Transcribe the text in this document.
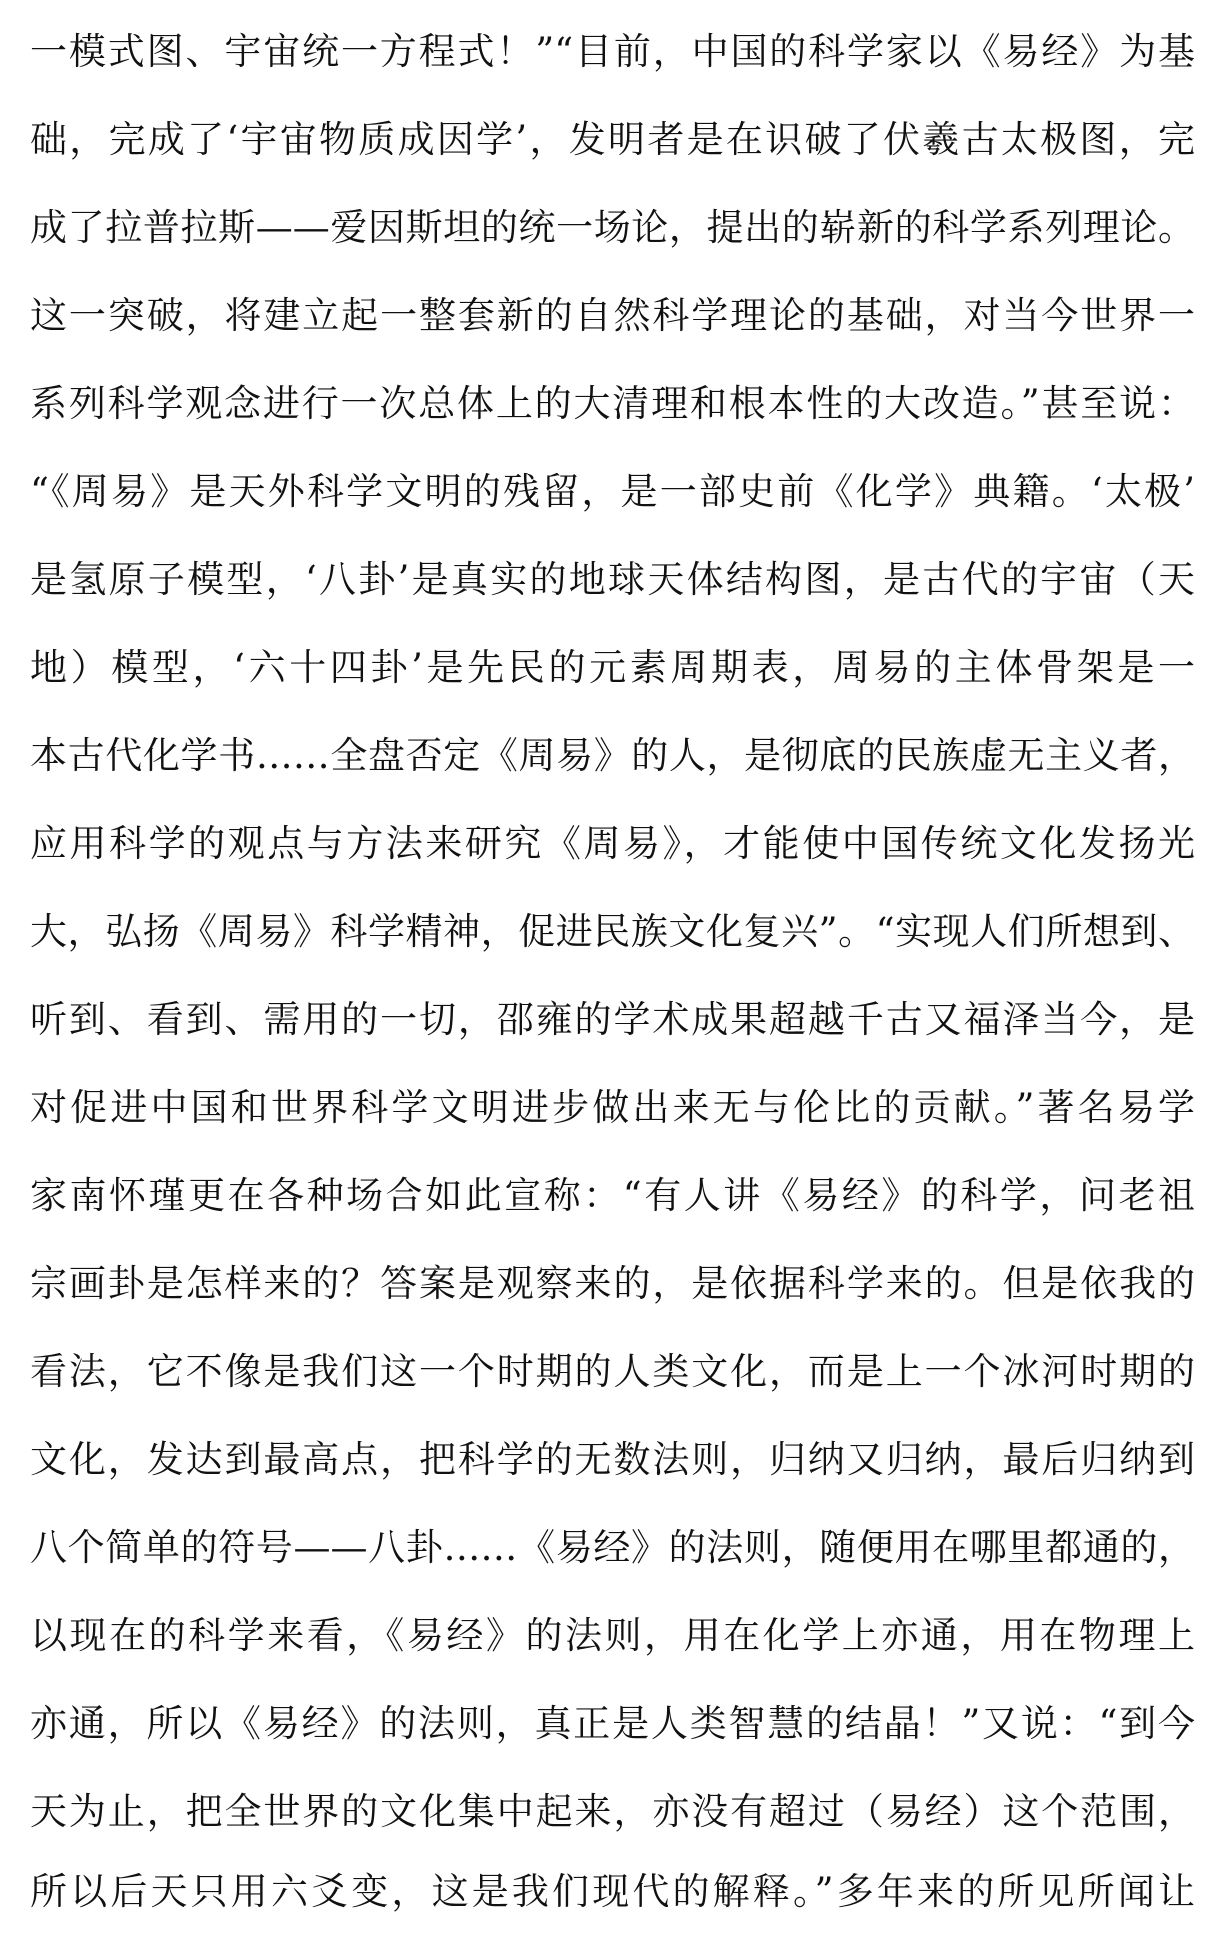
一模式图、宇宙统一方程式！”“目前，中国的科学家以《易经》为基
础，完成了‘宇宙物质成因学’，发明者是在识破了伏羲古太极图，完
成了拉普拉斯——爱因斯坦的统一场论，提出的崭新的科学系列理论。
这一突破，将建立起一整套新的自然科学理论的基础，对当今世界一
系列科学观念进行一次总体上的大清理和根本性的大改造。”甚至说：
“《周易》是天外科学文明的残留，是一部史前《化学》典籍。‘太极’
是氢原子模型，‘八卦’是真实的地球天体结构图，是古代的宇宙（天
地）模型，‘六十四卦’是先民的元素周期表，周易的主体骨架是一
本古代化学书……全盘否定《周易》的人，是彻底的民族虚无主义者，
应用科学的观点与方法来研究《周易》，才能使中国传统文化发扬光
大，弘扬《周易》科学精神，促进民族文化复兴”。“实现人们所想到、
听到、看到、需用的一切，邵雍的学术成果超越千古又福泽当今，是
对促进中国和世界科学文明进步做出来无与伦比的贡献。”著名易学
家南怀瑾更在各种场合如此宣称：“有人讲《易经》的科学，问老祖
宗画卦是怎样来的？答案是观察来的，是依据科学来的。但是依我的
看法，它不像是我们这一个时期的人类文化，而是上一个冰河时期的
文化，发达到最高点，把科学的无数法则，归纳又归纳，最后归纳到
八个简单的符号——八卦……《易经》的法则，随便用在哪里都通的，
以现在的科学来看，《易经》的法则，用在化学上亦通，用在物理上
亦通，所以《易经》的法则，真正是人类智慧的结晶！”又说：“到今
天为止，把全世界的文化集中起来，亦没有超过（易经）这个范围，
所以后天只用六爻变，这是我们现代的解释。”多年来的所见所闻让
